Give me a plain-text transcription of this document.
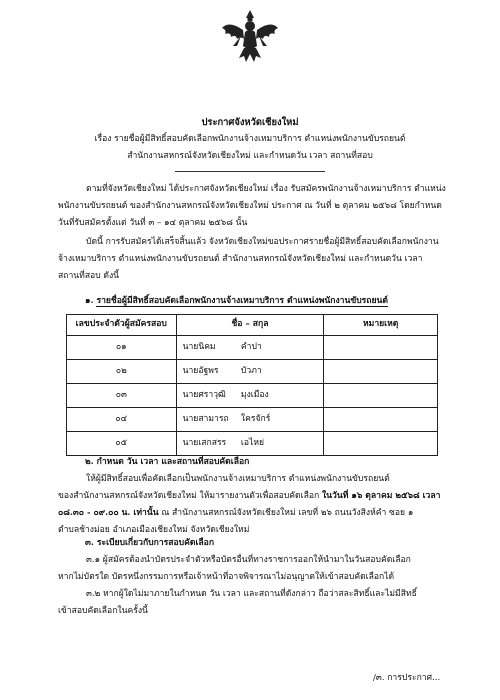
ประกาศจังหวัดเชียงใหม่
เรื่อง รายชื่อผู้มีสิทธิ์สอบคัดเลือกพนักงานจ้างเหมาบริการ ตำแหน่งพนักงานขับรถยนต์
สำนักงานสหกรณ์จังหวัดเชียงใหม่ และกำหนดวัน เวลา สถานที่สอบ
ตามที่จังหวัดเชียงใหม่ ได้ประกาศจังหวัดเชียงใหม่ เรื่อง รับสมัครพนักงานจ้างเหมาบริการ ตำแหน่ง
พนักงานขับรถยนต์ ของสำนักงานสหกรณ์จังหวัดเชียงใหม่ ประกาศ ณ วันที่ ๒ ตุลาคม ๒๕๖๘ โดยกำหนด
วันที่รับสมัครตั้งแต่ วันที่ ๓ – ๑๔ ตุลาคม ๒๕๖๘ นั้น
บัดนี้ การรับสมัครได้เสร็จสิ้นแล้ว จังหวัดเชียงใหม่ขอประกาศรายชื่อผู้มีสิทธิ์สอบคัดเลือกพนักงาน
จ้างเหมาบริการ ตำแหน่งพนักงานขับรถยนต์ สำนักงานสหกรณ์จังหวัดเชียงใหม่ และกำหนดวัน เวลา
สถานที่สอบ ดังนี้
๑. รายชื่อผู้มีสิทธิ์สอบคัดเลือกพนักงานจ้างเหมาบริการ ตำแหน่งพนักงานขับรถยนต์
เลขประจำตัวผู้สมัครสอบ	ชื่อ – สกุล		หมายเหตุ
๐๑	นายนิคม	คำปา	
๐๒	นายอัฐพร	บัวภา	
๐๓	นายศราวุฒิ	มุงเมือง	
๐๔	นายสามารถ	ใครจักร์	
๐๕	นายเสกสรร	เอไหย่	
๒. กำหนด วัน เวลา และสถานที่สอบคัดเลือก
ให้ผู้มีสิทธิ์สอบเพื่อคัดเลือกเป็นพนักงานจ้างเหมาบริการ ตำแหน่งพนักงานขับรถยนต์
ของสำนักงานสหกรณ์จังหวัดเชียงใหม่ ให้มารายงานตัวเพื่อสอบคัดเลือก ในวันที่ ๑๖ ตุลาคม ๒๕๖๘ เวลา
๐๘.๓๐ - ๐๙.๐๐ น. เท่านั้น ณ สำนักงานสหกรณ์จังหวัดเชียงใหม่ เลขที่ ๒๖ ถนนวังสิงห์คำ ซอย ๑
ตำบลช้างม่อย อำเภอเมืองเชียงใหม่ จังหวัดเชียงใหม่
๓. ระเบียบเกี่ยวกับการสอบคัดเลือก
๓.๑ ผู้สมัครต้องนำบัตรประจำตัวหรือบัตรอื่นที่ทางราชการออกให้นำมาในวันสอบคัดเลือก
หากไม่บัตรใด บัตรหนึ่งกรรมการหรือเจ้าหน้าที่อาจพิจารณาไม่อนุญาตให้เข้าสอบคัดเลือกได้
๓.๒ หากผู้ใดไม่มาภายในกำหนด วัน เวลา และสถานที่ดังกล่าว ถือว่าสละสิทธิ์และไม่มีสิทธิ์
เข้าสอบคัดเลือกในครั้งนี้
/๓. การประกาศ...
